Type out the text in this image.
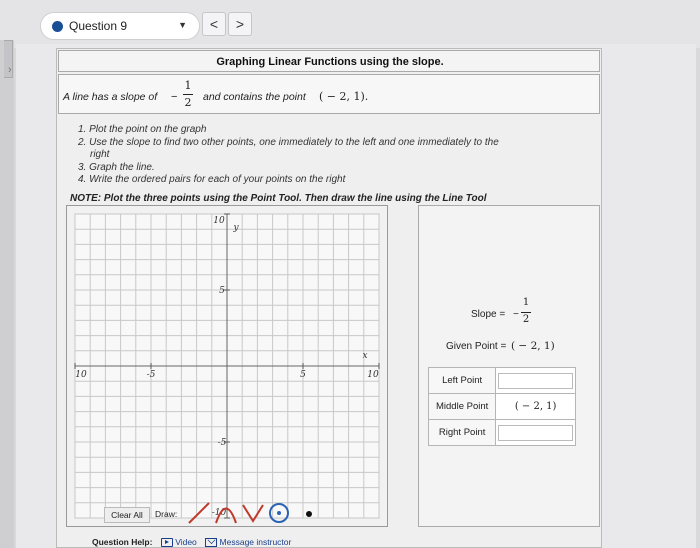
Question 9	▼	<	>
›
Graphing Linear Functions using the slope.
A line has a slope of −
1
2 and contains the point ( − 2, 1).
1. Plot the point on the graph
2. Use the slope to find two other points, one immediately to the left and one immediately to the
right
3. Graph the line.
4. Write the ordered pairs for each of your points on the right
NOTE: Plot the three points using the Point Tool. Then draw the line using the Line Tool
10	-5	5	10
10
5
-5
-10
x
y
Slope = −
1
2
Given Point = ( − 2, 1)
Left Point	

Middle Point	( − 2, 1)

Right Point	
Clear All	Draw:
Question Help:	Video	Message instructor
